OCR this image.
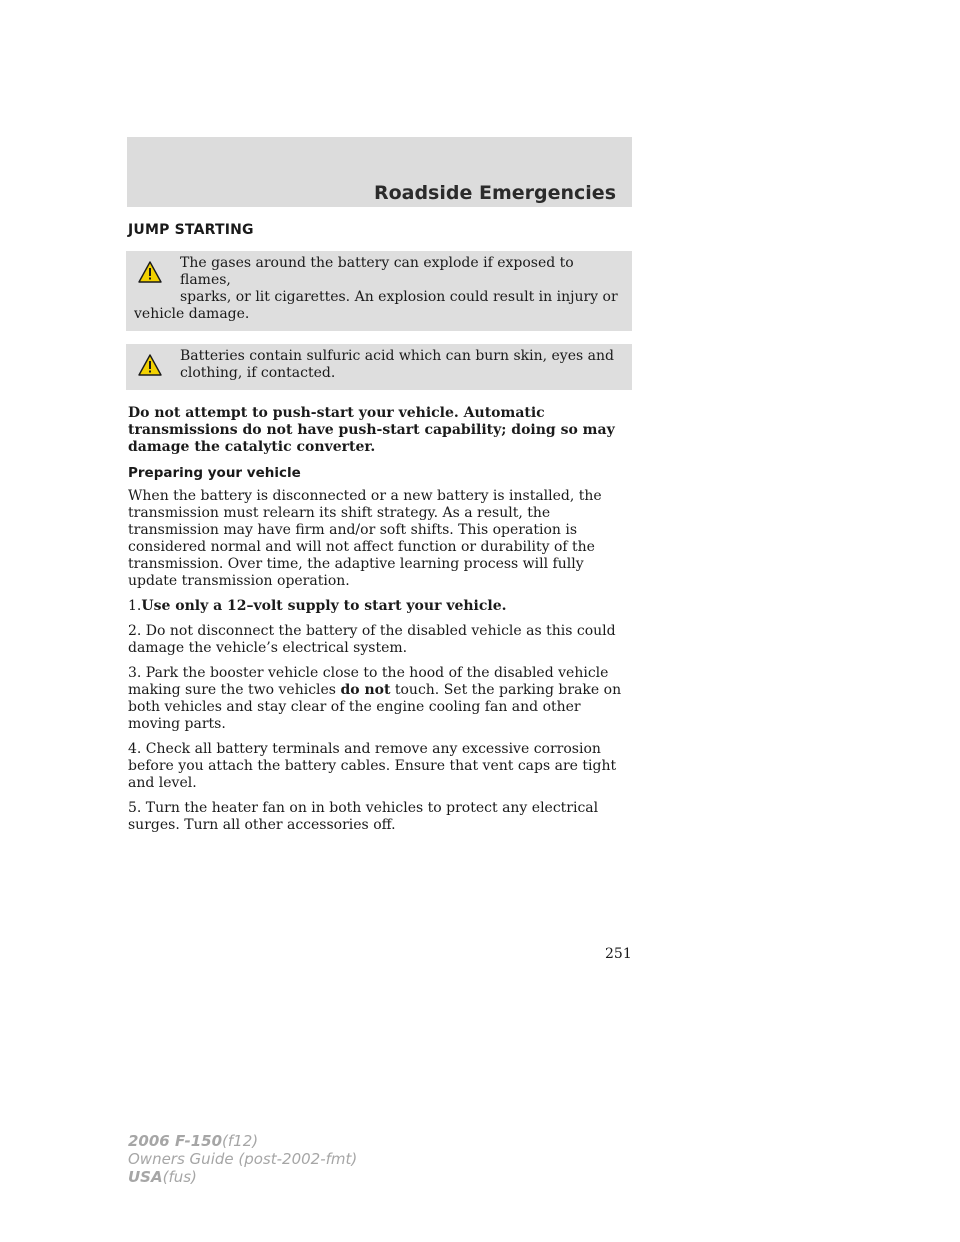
Roadside Emergencies
JUMP STARTING
The gases around the battery can explode if exposed to flames,
sparks, or lit cigarettes. An explosion could result in injury or
vehicle damage.
Batteries contain sulfuric acid which can burn skin, eyes and
clothing, if contacted.

Do not attempt to push-start your vehicle. Automatic transmissions do not have push-start capability; doing so may damage the catalytic converter.

Preparing your vehicle

When the battery is disconnected or a new battery is installed, the transmission must relearn its shift strategy. As a result, the transmission may have firm and/or soft shifts. This operation is considered normal and will not affect function or durability of the transmission. Over time, the adaptive learning process will fully update transmission operation.

1.Use only a 12–volt supply to start your vehicle.

2. Do not disconnect the battery of the disabled vehicle as this could damage the vehicle’s electrical system.

3. Park the booster vehicle close to the hood of the disabled vehicle making sure the two vehicles do not touch. Set the parking brake on both vehicles and stay clear of the engine cooling fan and other moving parts.

4. Check all battery terminals and remove any excessive corrosion before you attach the battery cables. Ensure that vent caps are tight and level.

5. Turn the heater fan on in both vehicles to protect any electrical surges. Turn all other accessories off.

251
2006 F-150(f12)
Owners Guide (post-2002-fmt)
USA(fus)
